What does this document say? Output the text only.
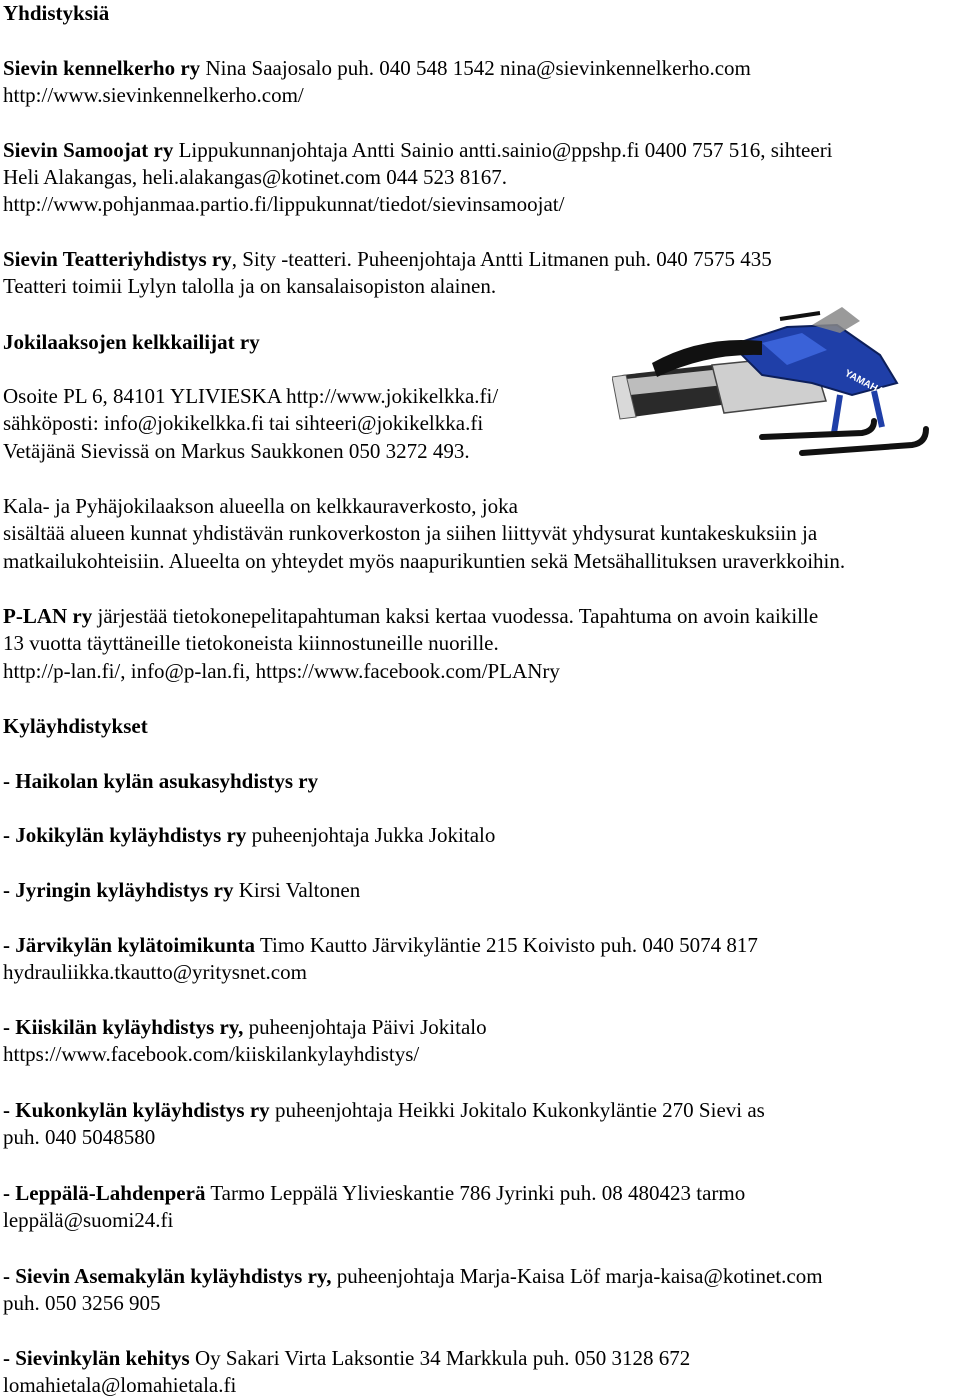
Yhdistyksiä
Sievin kennelkerho ry Nina Saajosalo puh. 040 548 1542 nina@sievinkennelkerho.com
http://www.sievinkennelkerho.com/
Sievin Samoojat ry Lippukunnanjohtaja Antti Sainio antti.sainio@ppshp.fi 0400 757 516, sihteeri
Heli Alakangas, heli.alakangas@kotinet.com 044 523 8167.
http://www.pohjanmaa.partio.fi/lippukunnat/tiedot/sievinsamoojat/
Sievin Teatteriyhdistys ry, Sity -teatteri. Puheenjohtaja Antti Litmanen puh. 040 7575 435
Teatteri toimii Lylyn talolla ja on kansalaisopiston alainen.
Jokilaaksojen kelkkailijat ry
Osoite PL 6, 84101 YLIVIESKA http://www.jokikelkka.fi/
sähköposti: info@jokikelkka.fi tai sihteeri@jokikelkka.fi
Vetäjänä Sievissä on Markus Saukkonen 050 3272 493.
YAMAHA
Kala- ja Pyhäjokilaakson alueella on kelkkauraverkosto, joka
sisältää alueen kunnat yhdistävän runkoverkoston ja siihen liittyvät yhdysurat kuntakeskuksiin ja
matkailukohteisiin. Alueelta on yhteydet myös naapurikuntien sekä Metsähallituksen uraverkkoihin.
P-LAN ry järjestää tietokonepelitapahtuman kaksi kertaa vuodessa. Tapahtuma on avoin kaikille
13 vuotta täyttäneille tietokoneista kiinnostuneille nuorille.
http://p-lan.fi/, info@p-lan.fi, https://www.facebook.com/PLANry
Kyläyhdistykset
- Haikolan kylän asukasyhdistys ry
- Jokikylän kyläyhdistys ry puheenjohtaja Jukka Jokitalo
- Jyringin kyläyhdistys ry Kirsi Valtonen
- Järvikylän kylätoimikunta Timo Kautto Järvikyläntie 215 Koivisto puh. 040 5074 817
hydrauliikka.tkautto@yritysnet.com
- Kiiskilän kyläyhdistys ry, puheenjohtaja Päivi Jokitalo
https://www.facebook.com/kiiskilankylayhdistys/
- Kukonkylän kyläyhdistys ry puheenjohtaja Heikki Jokitalo Kukonkyläntie 270 Sievi as
puh. 040 5048580
- Leppälä-Lahdenperä Tarmo Leppälä Ylivieskantie 786 Jyrinki puh. 08 480423 tarmo
leppälä@suomi24.fi
- Sievin Asemakylän kyläyhdistys ry, puheenjohtaja Marja-Kaisa Löf marja-kaisa@kotinet.com
puh. 050 3256 905
- Sievinkylän kehitys Oy Sakari Virta Laksontie 34 Markkula puh. 050 3128 672
lomahietala@lomahietala.fi
